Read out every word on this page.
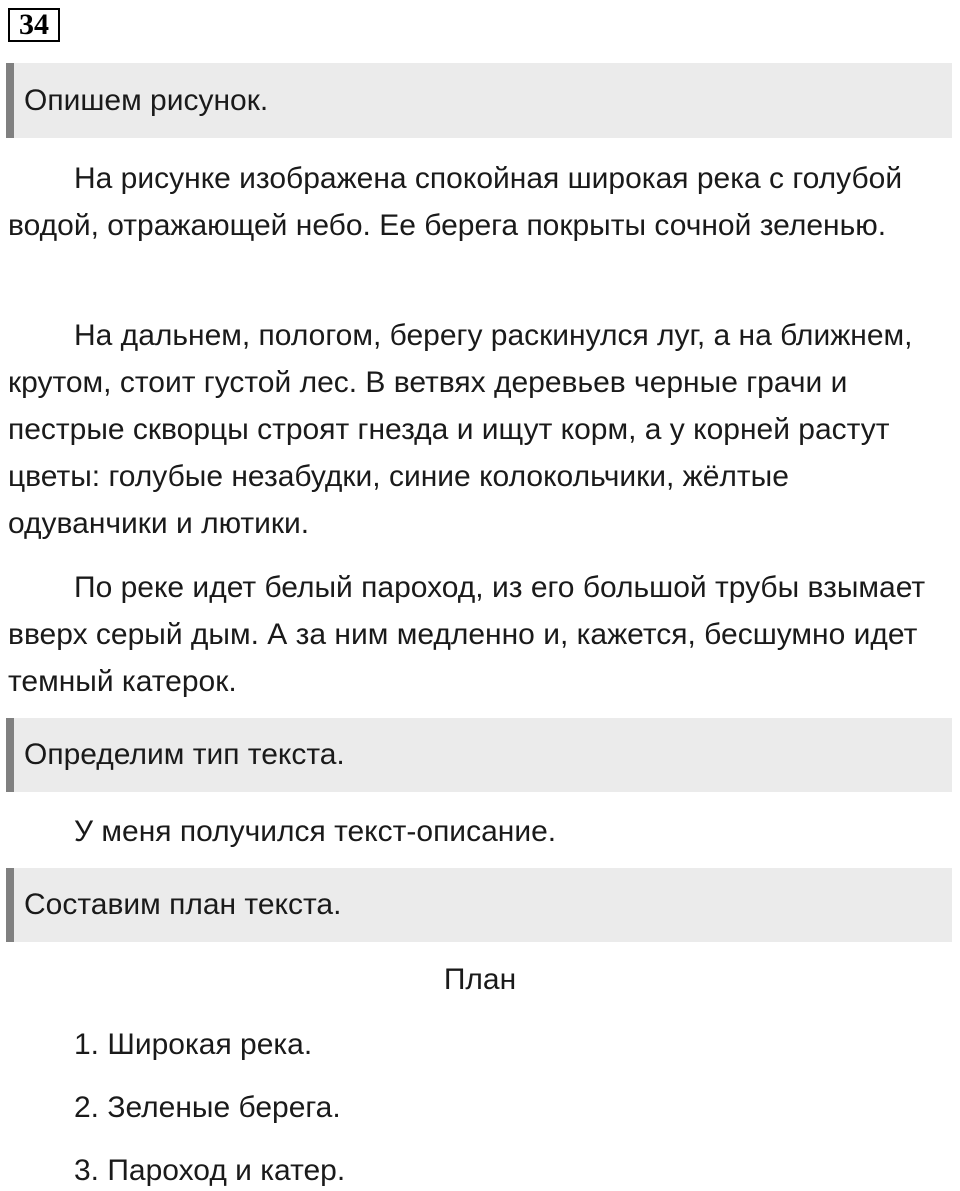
34
Опишем рисунок.

На рисунке изображена спокойная широкая река с голубой водой, отражающей небо. Ее берега покрыты сочной зеленью.

На дальнем, пологом, берегу раскинулся луг, а на ближнем, крутом, стоит густой лес. В ветвях деревьев черные грачи и пестрые скворцы строят гнезда и ищут корм, а у корней растут цветы: голубые незабудки, синие колокольчики, жёлтые одуванчики и лютики.

По реке идет белый пароход, из его большой трубы взымает вверх серый дым. А за ним медленно и, кажется, бесшумно идет темный катерок.

Определим тип текста.

У меня получился текст-описание.

Составим план текста.
План
1. Широкая река.
2. Зеленые берега.
3. Пароход и катер.
